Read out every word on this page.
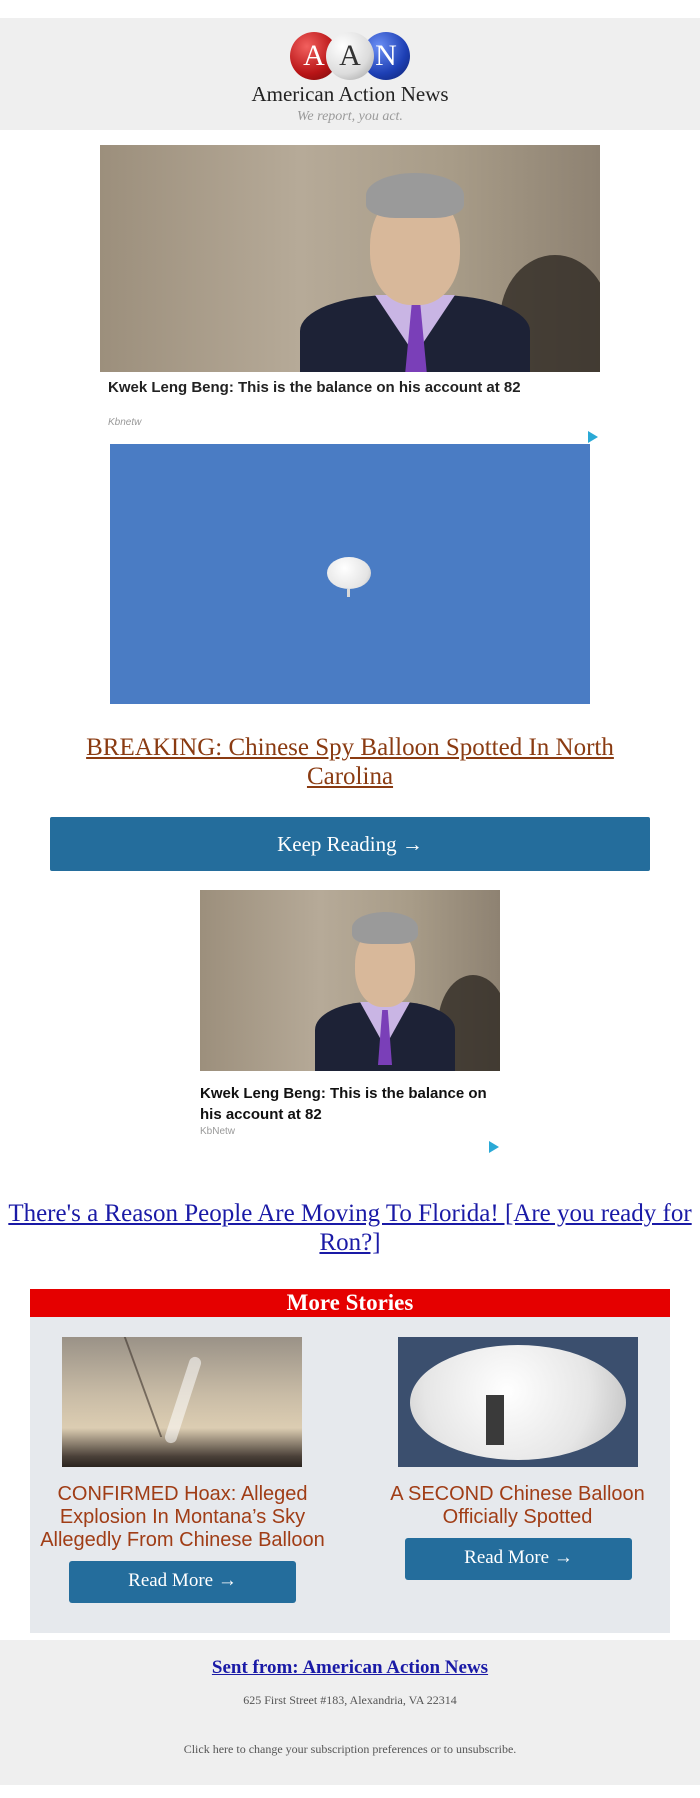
A A N
American Action News
We report, you act.
Kwek Leng Beng: This is the balance on his account at 82
Kbnetw
BREAKING: Chinese Spy Balloon Spotted In North Carolina
Keep Reading →
Kwek Leng Beng: This is the balance on his account at 82
KbNetw
There's a Reason People Are Moving To Florida! [Are you ready for Ron?]
More Stories
CONFIRMED Hoax: Alleged Explosion In Montana’s Sky Allegedly From Chinese Balloon
Read More →
A SECOND Chinese Balloon Officially Spotted
Read More →
Sent from: American Action News
625 First Street #183, Alexandria, VA 22314
Click here to change your subscription preferences or to unsubscribe.
